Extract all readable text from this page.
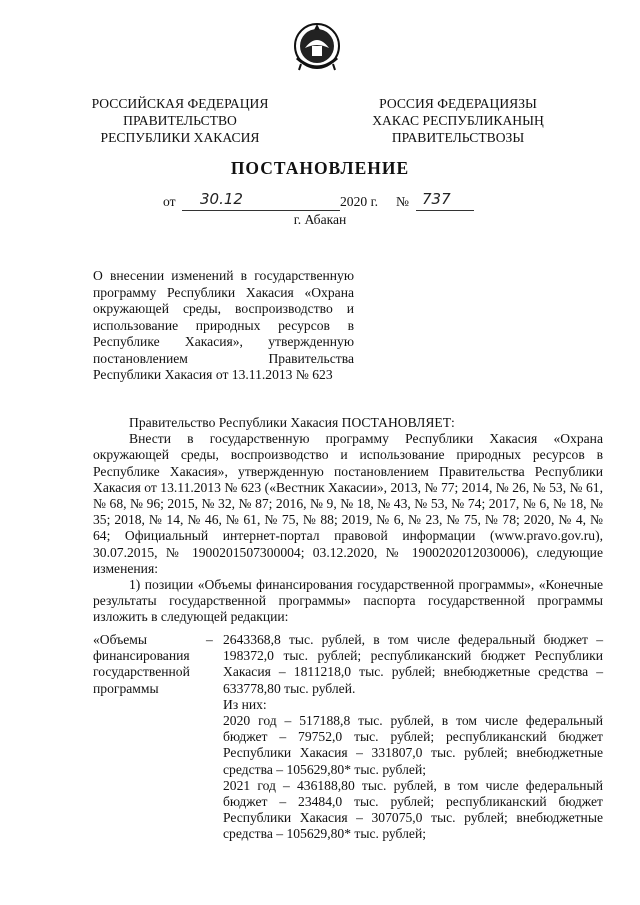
РОССИЙСКАЯ ФЕДЕРАЦИЯ
ПРАВИТЕЛЬСТВО
РЕСПУБЛИКИ ХАКАСИЯ
РОССИЯ ФЕДЕРАЦИЯЗЫ
ХАКАС РЕСПУБЛИКАНЫҢ
ПРАВИТЕЛЬСТВОЗЫ
ПОСТАНОВЛЕНИЕ
от 30.12	2020 г. № 737
г. Абакан

О внесении изменений в государственную

программу Республики Хакасия «Охрана

окружающей среды, воспроизводство и

использование природных ресурсов в

Республике Хакасия», утвержденную

постановлением Правительства

Республики Хакасия от 13.11.2013 № 623

Правительство Республики Хакасия ПОСТАНОВЛЯЕТ:

Внести в государственную программу Республики Хакасия «Охрана окружающей среды, воспроизводство и использование природных ресурсов в Республике Хакасия», утвержденную постановлением Правительства Республики Хакасия от 13.11.2013 № 623 («Вестник Хакасии», 2013, № 77; 2014, № 26, № 53, № 61, № 68, № 96; 2015, № 32, № 87; 2016, № 9, № 18, № 43, № 53, № 74; 2017, № 6, № 18, № 35; 2018, № 14, № 46, № 61, № 75, № 88; 2019, № 6, № 23, № 75, № 78; 2020, № 4, № 64; Официальный интернет-портал правовой информации (www.pravo.gov.ru), 30.07.2015, № 1900201507300004; 03.12.2020, № 1900202012030006), следующие изменения:

1) позиции «Объемы финансирования государственной программы», «Конечные результаты государственной программы» паспорта государственной программы изложить в следующей редакции:

«Объемы финансирования государственной программы
– 2643368,8 тыс. рублей, в том числе федеральный бюджет – 198372,0 тыс. рублей; республиканский бюджет Республики Хакасия – 1811218,0 тыс. рублей; внебюджетные средства – 633778,80 тыс. рублей.

Из них:

2020 год – 517188,8 тыс. рублей, в том числе федеральный бюджет – 79752,0 тыс. рублей; республиканский бюджет Республики Хакасия – 331807,0 тыс. рублей; внебюджетные средства – 105629,80* тыс. рублей;

2021 год – 436188,80 тыс. рублей, в том числе федеральный бюджет – 23484,0 тыс. рублей; республиканский бюджет Республики Хакасия – 307075,0 тыс. рублей; внебюджетные средства – 105629,80* тыс. рублей;
